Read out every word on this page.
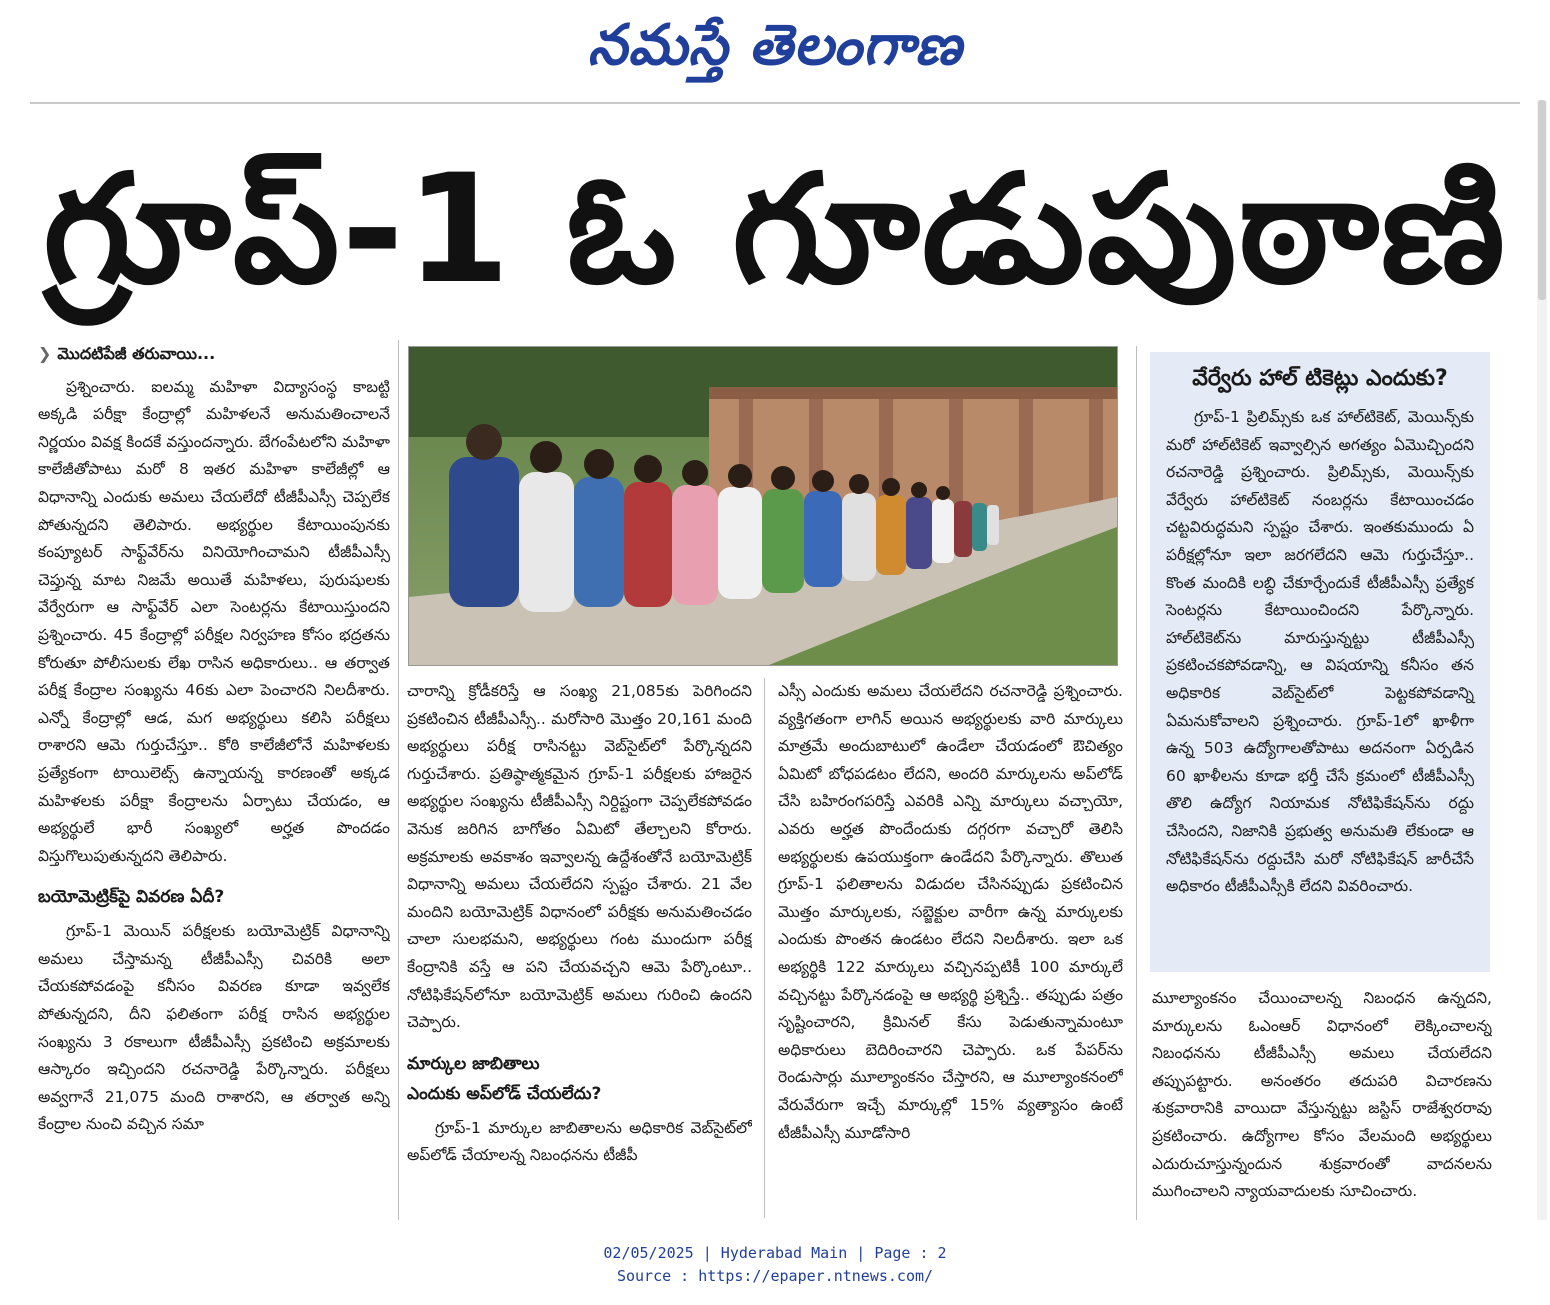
నమస్తే తెలంగాణ
గ్రూప్‌-1 ఓ గూడుపుఠాణి
❯ మొదటిపేజీ తరువాయి...

ప్రశ్నించారు. ఐలమ్మ మహిళా విద్యాసంస్థ కాబట్టి అక్కడి పరీక్షా కేంద్రాల్లో మహిళలనే అనుమతించాలనే నిర్ణయం వివక్ష కిందకే వస్తుందన్నారు. బేగంపేటలోని మహిళా కాలేజీతోపాటు మరో 8 ఇతర మహిళా కాలేజీల్లో ఆ విధానాన్ని ఎందుకు అమలు చేయలేదో టీజీపీఎస్సీ చెప్పలేక పోతున్నదని తెలిపారు. అభ్యర్థుల కేటాయింపునకు కంప్యూటర్‌ సాఫ్ట్‌వేర్‌ను వినియోగించామని టీజీపీఎస్సీ చెప్తున్న మాట నిజమే అయితే మహిళలు, పురుషులకు వేర్వేరుగా ఆ సాఫ్ట్‌వేర్‌ ఎలా సెంటర్లను కేటాయిస్తుందని ప్రశ్నించారు. 45 కేంద్రాల్లో పరీక్షల నిర్వహణ కోసం భద్రతను కోరుతూ పోలీసులకు లేఖ రాసిన అధికారులు.. ఆ తర్వాత పరీక్ష కేంద్రాల సంఖ్యను 46కు ఎలా పెంచారని నిలదీశారు. ఎన్నో కేంద్రాల్లో ఆడ, మగ అభ్యర్థులు కలిసి పరీక్షలు రాశారని ఆమె గుర్తుచేస్తూ.. కోఠి కాలేజీలోనే మహిళలకు ప్రత్యేకంగా టాయిలెట్స్‌ ఉన్నాయన్న కారణంతో అక్కడ మహిళలకు పరీక్షా కేంద్రాలను ఏర్పాటు చేయడం, ఆ అభ్యర్థులే భారీ సంఖ్యలో అర్హత పొందడం విస్తుగొలుపుతున్నదని తెలిపారు.

బయోమెట్రిక్‌పై వివరణ ఏదీ?

గ్రూప్‌-1 మెయిన్‌ పరీక్షలకు బయోమెట్రిక్‌ విధానాన్ని అమలు చేస్తామన్న టీజీపీఎస్సీ చివరికి అలా చేయకపోవడంపై కనీసం వివరణ కూడా ఇవ్వలేక పోతున్నదని, దీని ఫలితంగా పరీక్ష రాసిన అభ్యర్థుల సంఖ్యను 3 రకాలుగా టీజీపీఎస్సీ ప్రకటించి అక్రమాలకు ఆస్కారం ఇచ్చిందని రచనారెడ్డి పేర్కొన్నారు. పరీక్షలు అవ్వగానే 21,075 మంది రాశారని, ఆ తర్వాత అన్ని కేంద్రాల నుంచి వచ్చిన సమా

చారాన్ని క్రోడీకరిస్తే ఆ సంఖ్య 21,085కు పెరిగిందని ప్రకటించిన టీజీపీఎస్సీ.. మరోసారి మొత్తం 20,161 మంది అభ్యర్థులు పరీక్ష రాసినట్టు వెబ్‌సైట్‌లో పేర్కొన్నదని గుర్తుచేశారు. ప్రతిష్ఠాత్మకమైన గ్రూప్‌-1 పరీక్షలకు హాజరైన అభ్యర్థుల సంఖ్యను టీజీపీఎస్సీ నిర్దిష్టంగా చెప్పలేకపోవడం వెనుక జరిగిన బాగోతం ఏమిటో తేల్చాలని కోరారు. అక్రమాలకు అవకాశం ఇవ్వాలన్న ఉద్దేశంతోనే బయోమెట్రిక్‌ విధానాన్ని అమలు చేయలేదని స్పష్టం చేశారు. 21 వేల మందిని బయోమెట్రిక్‌ విధానంలో పరీక్షకు అనుమతించడం చాలా సులభమని, అభ్యర్థులు గంట ముందుగా పరీక్ష కేంద్రానికి వస్తే ఆ పని చేయవచ్చని ఆమె పేర్కొంటూ.. నోటిఫికేషన్‌లోనూ బయోమెట్రిక్‌ అమలు గురించి ఉందని చెప్పారు.

మార్కుల జాబితాలు
ఎందుకు అప్‌లోడ్‌ చేయలేదు?

గ్రూప్‌-1 మార్కుల జాబితాలను అధికారిక వెబ్‌సైట్‌లో అప్‌లోడ్‌ చేయాలన్న నిబంధనను టీజీపీ

ఎస్సీ ఎందుకు అమలు చేయలేదని రచనారెడ్డి ప్రశ్నించారు. వ్యక్తిగతంగా లాగిన్‌ అయిన అభ్యర్థులకు వారి మార్కులు మాత్రమే అందుబాటులో ఉండేలా చేయడంలో ఔచిత్యం ఏమిటో బోధపడటం లేదని, అందరి మార్కులను అప్‌లోడ్‌ చేసి బహిరంగపరిస్తే ఎవరికి ఎన్ని మార్కులు వచ్చాయో, ఎవరు అర్హత పొందేందుకు దగ్గరగా వచ్చారో తెలిసి అభ్యర్థులకు ఉపయుక్తంగా ఉండేదని పేర్కొన్నారు. తొలుత గ్రూప్‌-1 ఫలితాలను విడుదల చేసినప్పుడు ప్రకటించిన మొత్తం మార్కులకు, సబ్జెక్టుల వారీగా ఉన్న మార్కులకు ఎందుకు పొంతన ఉండటం లేదని నిలదీశారు. ఇలా ఒక అభ్యర్థికి 122 మార్కులు వచ్చినప్పటికీ 100 మార్కులే వచ్చినట్టు పేర్కొనడంపై ఆ అభ్యర్థి ప్రశ్నిస్తే.. తప్పుడు పత్రం సృష్టించారని, క్రిమినల్‌ కేసు పెడుతున్నామంటూ అధికారులు బెదిరించారని చెప్పారు. ఒక పేపర్‌ను రెండుసార్లు మూల్యాంకనం చేస్తారని, ఆ మూల్యాంకనంలో వేరువేరుగా ఇచ్చే మార్కుల్లో 15% వ్యత్యాసం ఉంటే టీజీపీఎస్సీ మూడోసారి

వేర్వేరు హాల్‌ టికెట్లు ఎందుకు?

గ్రూప్‌-1 ప్రిలిమ్స్‌కు ఒక హాల్‌టికెట్‌, మెయిన్స్‌కు మరో హాల్‌టికెట్‌ ఇవ్వాల్సిన అగత్యం ఏమొచ్చిందని రచనారెడ్డి ప్రశ్నించారు. ప్రిలిమ్స్‌కు, మెయిన్స్‌కు వేర్వేరు హాల్‌టికెట్‌ నంబర్లను కేటాయించడం చట్టవిరుద్ధమని స్పష్టం చేశారు. ఇంతకుముందు ఏ పరీక్షల్లోనూ ఇలా జరగలేదని ఆమె గుర్తుచేస్తూ.. కొంత మందికి లబ్ధి చేకూర్చేందుకే టీజీపీఎస్సీ ప్రత్యేక సెంటర్లను కేటాయించిందని పేర్కొన్నారు. హాల్‌టికెట్‌ను మారుస్తున్నట్టు టీజీపీఎస్సీ ప్రకటించకపోవడాన్ని, ఆ విషయాన్ని కనీసం తన అధికారిక వెబ్‌సైట్‌లో పెట్టకపోవడాన్ని ఏమనుకోవాలని ప్రశ్నించారు. గ్రూప్‌-1లో ఖాళీగా ఉన్న 503 ఉద్యోగాలతోపాటు అదనంగా ఏర్పడిన 60 ఖాళీలను కూడా భర్తీ చేసే క్రమంలో టీజీపీఎస్సీ తొలి ఉద్యోగ నియామక నోటిఫికేషన్‌ను రద్దు చేసిందని, నిజానికి ప్రభుత్వ అనుమతి లేకుండా ఆ నోటిఫికేషన్‌ను రద్దుచేసి మరో నోటిఫికేషన్‌ జారీచేసే అధికారం టీజీపీఎస్సీకి లేదని వివరించారు.

మూల్యాంకనం చేయించాలన్న నిబంధన ఉన్నదని, మార్కులను ఓఎంఆర్‌ విధానంలో లెక్కించాలన్న నిబంధనను టీజీపీఎస్సీ అమలు చేయలేదని తప్పుపట్టారు. అనంతరం తదుపరి విచారణను శుక్రవారానికి వాయిదా వేస్తున్నట్టు జస్టిస్‌ రాజేశ్వరరావు ప్రకటించారు. ఉద్యోగాల కోసం వేలమంది అభ్యర్థులు ఎదురుచూస్తున్నందున శుక్రవారంతో వాదనలను ముగించాలని న్యాయవాదులకు సూచించారు.

02/05/2025 | Hyderabad Main | Page : 2
Source : https://epaper.ntnews.com/
